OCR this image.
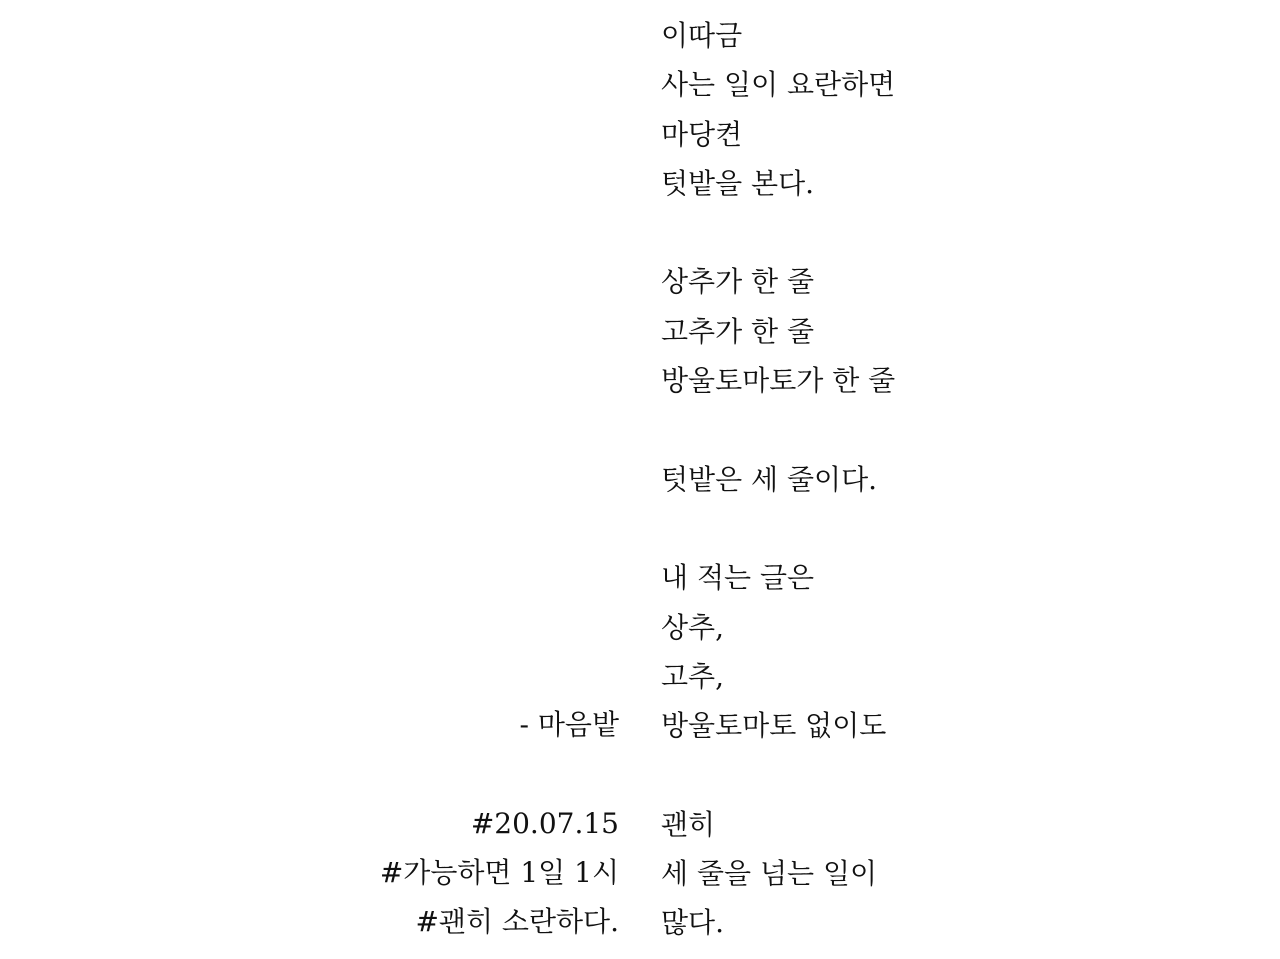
이따금
사는 일이 요란하면
마당켠
텃밭을 본다.
상추가 한 줄
고추가 한 줄
방울토마토가 한 줄
텃밭은 세 줄이다.
내 적는 글은
상추,
고추,
방울토마토 없이도
괜히
세 줄을 넘는 일이
많다.
- 마음밭
#20.07.15
#가능하면 1일 1시
#괜히 소란하다.
